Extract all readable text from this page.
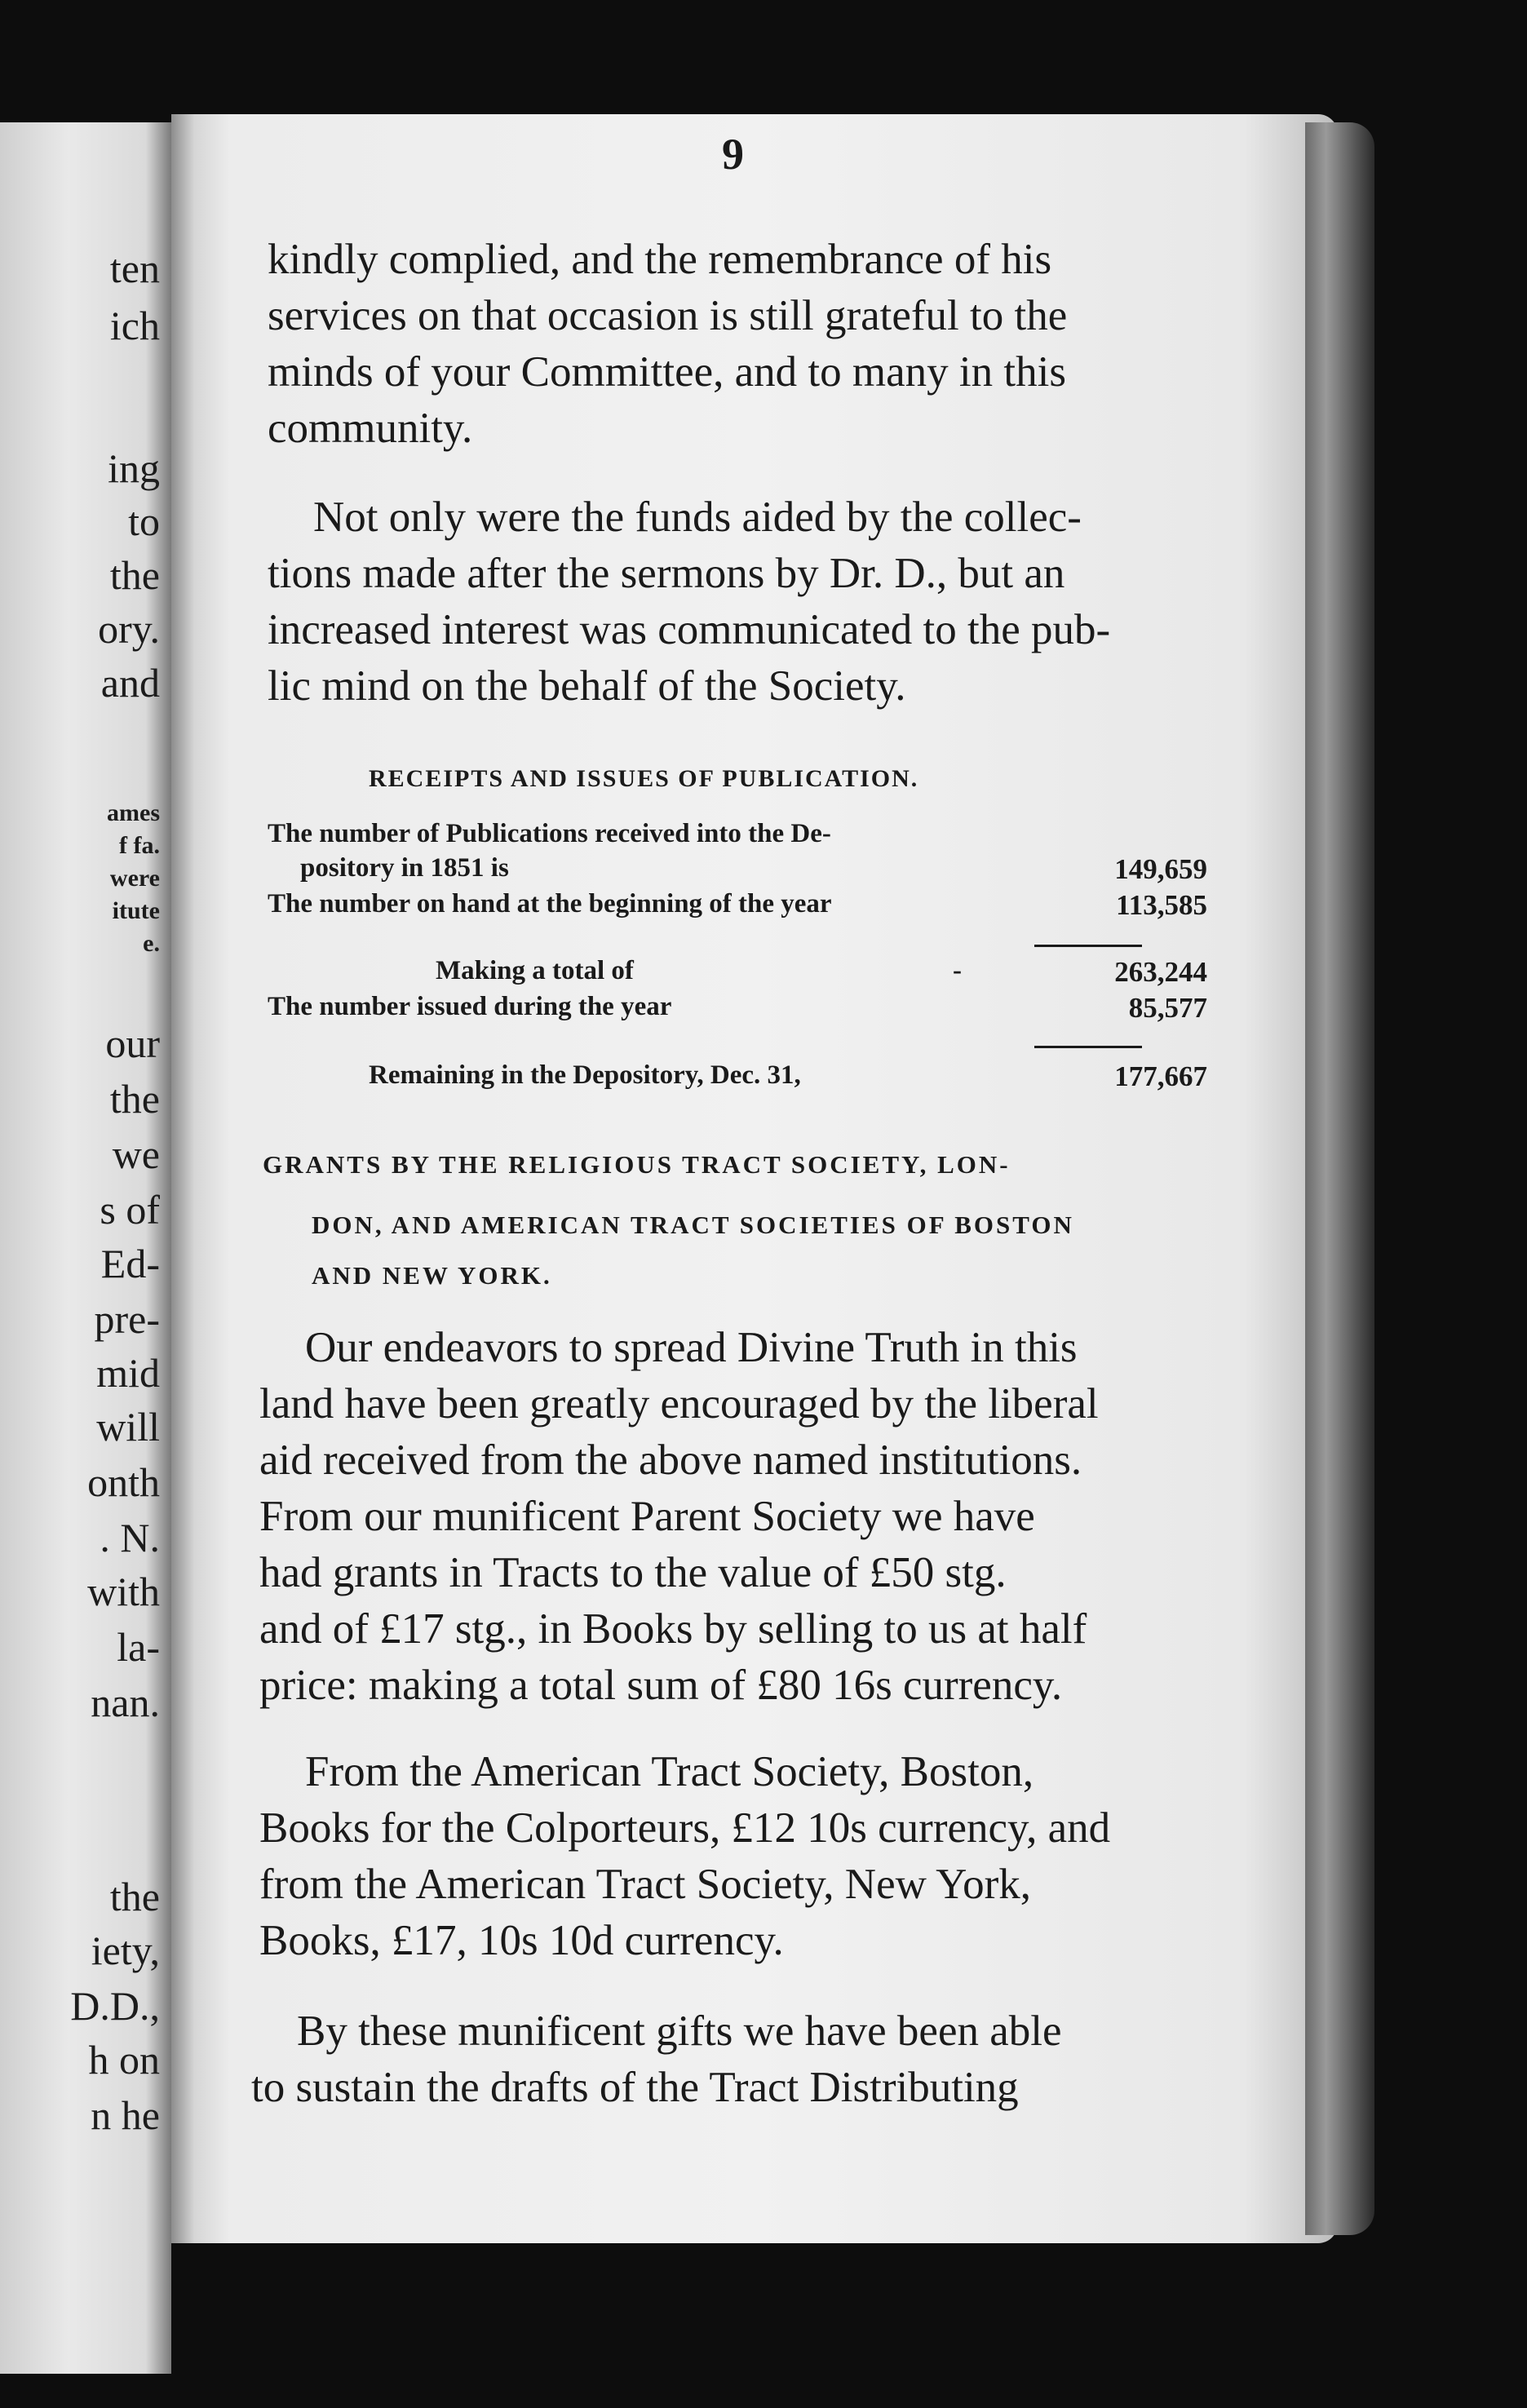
ten

ich

ing

to

the

ory.

and

ames

f fa.

were

itute

e.

our

the

we

s of

Ed-

pre-

mid

will

onth

. N.

with

la-

nan.

the

iety,

D.D.,

h on

n he

9

kindly complied, and the remembrance of his
services on that occasion is still grateful to the
minds of your Committee, and to many in this
community.
Not only were the funds aided by the collec-
tions made after the sermons by Dr. D., but an
increased interest was communicated to the pub-
lic mind on the behalf of the Society.

RECEIPTS AND ISSUES OF PUBLICATION.

The number of Publications received into the De-
pository in 1851 is	149,659
The number on hand at the beginning of the year	113,585
Making a total of	-	263,244
The number issued during the year	85,577
Remaining in the Depository, Dec. 31,	177,667

GRANTS BY THE RELIGIOUS TRACT SOCIETY, LON-

DON, AND AMERICAN TRACT SOCIETIES OF BOSTON

AND NEW YORK.

Our endeavors to spread Divine Truth in this
land have been greatly encouraged by the liberal
aid received from the above named institutions.
From our munificent Parent Society we have
had grants in Tracts to the value of £50 stg.
and of £17 stg., in Books by selling to us at half
price: making a total sum of £80 16s currency.
From the American Tract Society, Boston,
Books for the Colporteurs, £12 10s currency, and
from the American Tract Society, New York,
Books, £17, 10s 10d currency.
By these munificent gifts we have been able
to sustain the drafts of the Tract Distributing
